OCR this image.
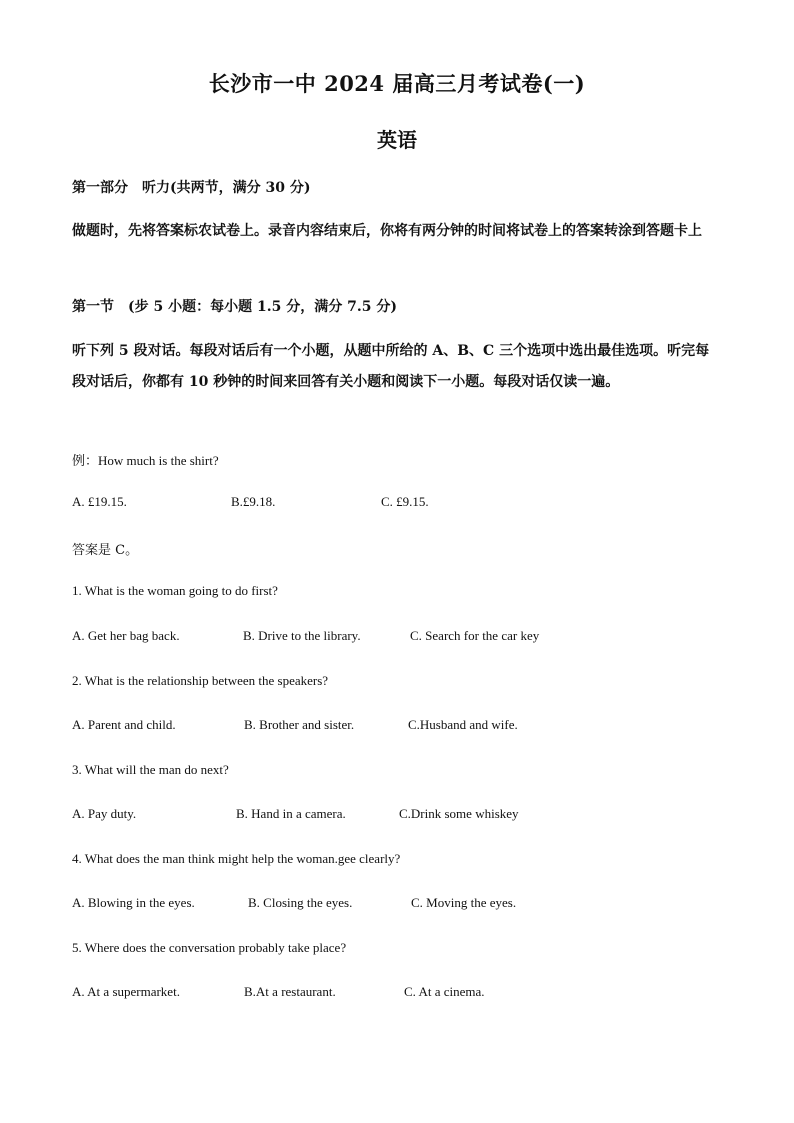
长沙市一中 2024 届高三月考试卷(一)
英语
第一部分　听力(共两节，满分 30 分)
做题时，先将答案标农试卷上。录音内容结束后，你将有两分钟的时间将试卷上的答案转涂到答题卡上
第一节　(步 5 小题：每小题 1.5 分，满分 7.5 分)
听下列 5 段对话。每段对话后有一个小题，从题中所给的 A、B、C 三个选项中选出最佳选项。听完每段对话后，你都有 10 秒钟的时间来回答有关小题和阅读下一小题。每段对话仅读一遍。
例：How much is the shirt?
A. £19.15.	B.£9.18.	C. £9.15.
答案是 C。
1. What is the woman going to do first?
A. Get her bag back.	B. Drive to the library.	C. Search for the car key
2. What is the relationship between the speakers?
A. Parent and child.	B. Brother and sister.	C.Husband and wife.
3. What will the man do next?
A. Pay duty.	B. Hand in a camera.	C.Drink some whiskey
4. What does the man think might help the woman.gee clearly?
A. Blowing in the eyes.	B. Closing the eyes.	C. Moving the eyes.
5. Where does the conversation probably take place?
A. At a supermarket.	B.At a restaurant.	C. At a cinema.
